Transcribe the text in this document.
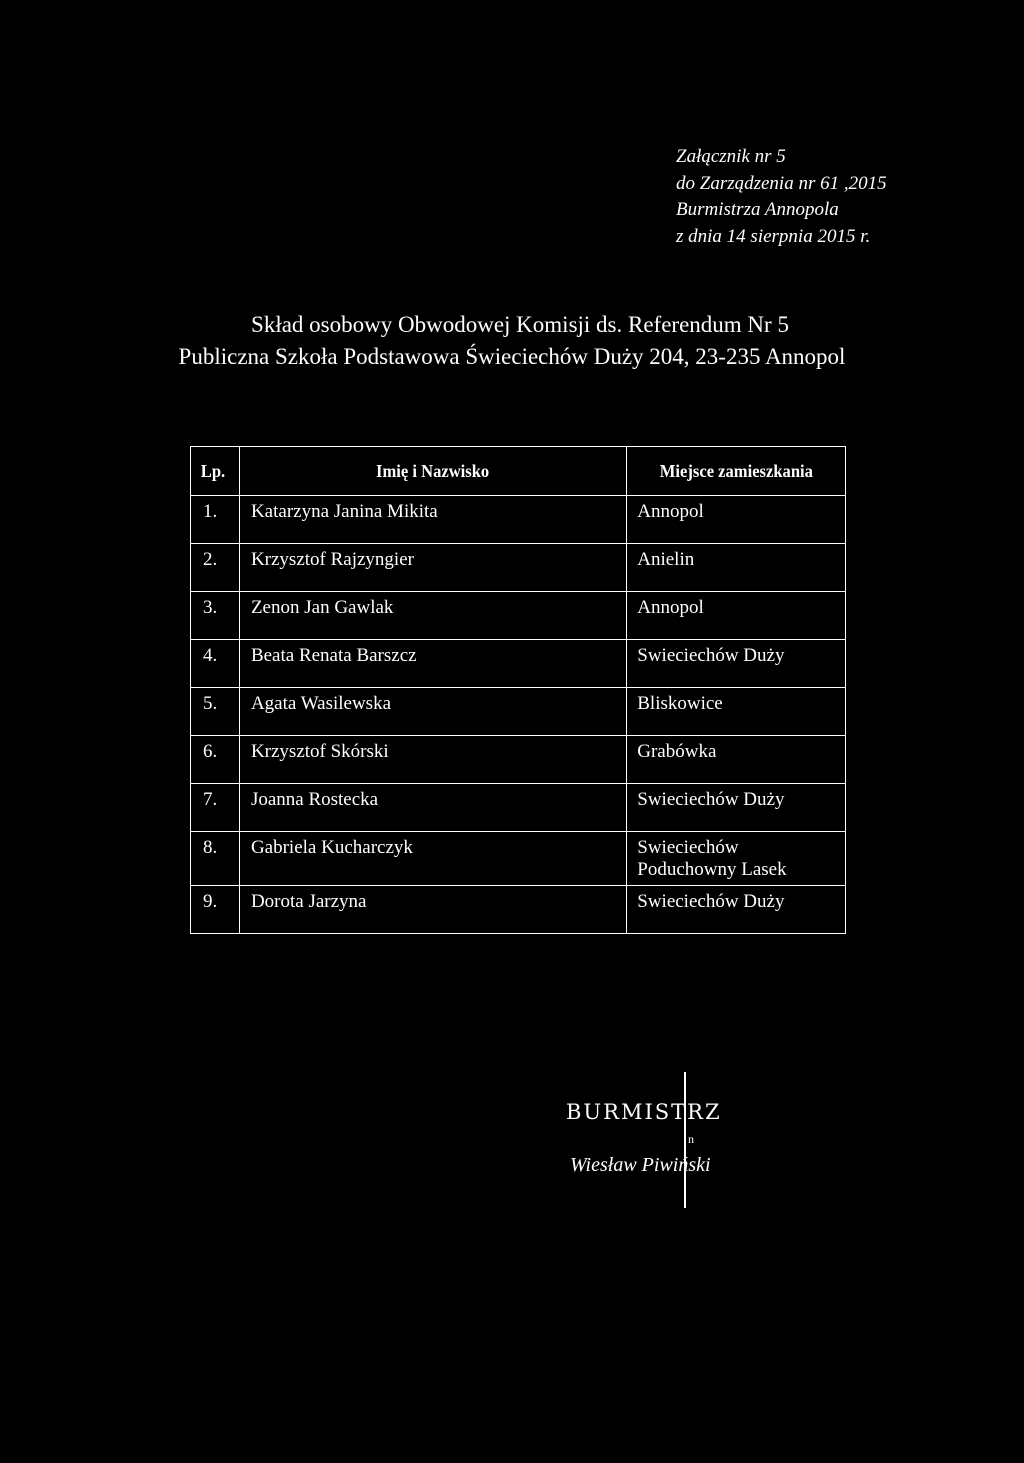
Załącznik nr 5
do Zarządzenia nr 61 ,2015
Burmistrza Annopola
z dnia 14 sierpnia 2015 r.
Skład osobowy Obwodowej Komisji ds. Referendum Nr 5
Publiczna Szkoła Podstawowa Świeciechów Duży 204, 23-235 Annopol
Lp.	Imię i Nazwisko	Miejsce zamieszkania
1.	Katarzyna Janina Mikita	Annopol
2.	Krzysztof Rajzyngier	Anielin
3.	Zenon Jan Gawlak	Annopol
4.	Beata Renata Barszcz	Swieciechów Duży
5.	Agata Wasilewska	Bliskowice
6.	Krzysztof Skórski	Grabówka
7.	Joanna Rostecka	Swieciechów Duży
8.	Gabriela Kucharczyk	Swieciechów
Poduchowny Lasek

9.	Dorota Jarzyna	Swieciechów Duży
BURMISTRZ
n
Wiesław Piwiński
